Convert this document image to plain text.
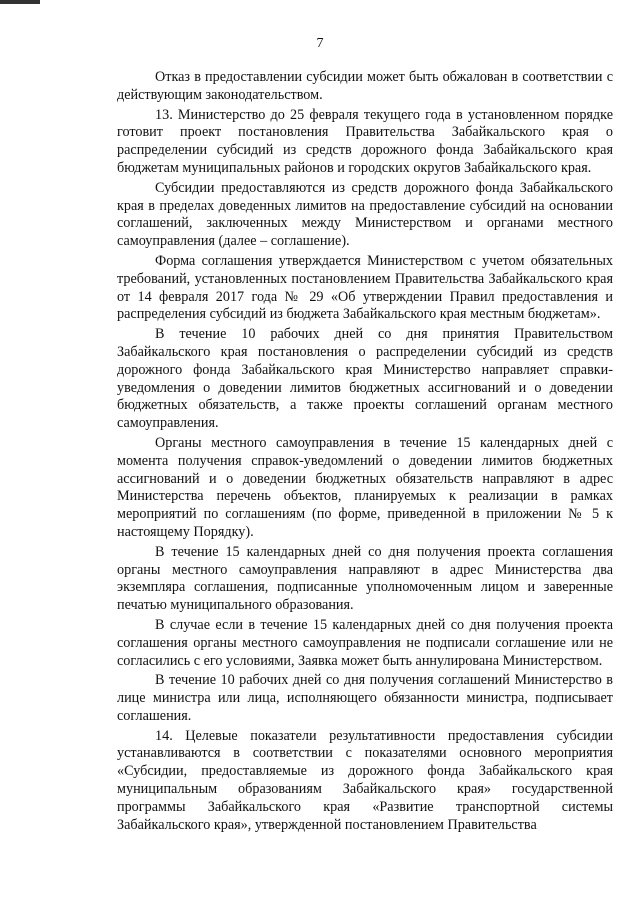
7

Отказ в предоставлении субсидии может быть обжалован в соответствии с действующим законодательством.

13. Министерство до 25 февраля текущего года в установленном порядке готовит проект постановления Правительства Забайкальского края о распределении субсидий из средств дорожного фонда Забайкальского края бюджетам муниципальных районов и городских округов Забайкальского края.

Субсидии предоставляются из средств дорожного фонда Забайкальского края в пределах доведенных лимитов на предоставление субсидий на основании соглашений, заключенных между Министерством и органами местного самоуправления (далее – соглашение).

Форма соглашения утверждается Министерством с учетом обязательных требований, установленных постановлением Правительства Забайкальского края от 14 февраля 2017 года № 29 «Об утверждении Правил предоставления и распределения субсидий из бюджета Забайкальского края местным бюджетам».

В течение 10 рабочих дней со дня принятия Правительством Забайкальского края постановления о распределении субсидий из средств дорожного фонда Забайкальского края Министерство направляет справки-уведомления о доведении лимитов бюджетных ассигнований и о доведении бюджетных обязательств, а также проекты соглашений органам местного самоуправления.

Органы местного самоуправления в течение 15 календарных дней с момента получения справок-уведомлений о доведении лимитов бюджетных ассигнований и о доведении бюджетных обязательств направляют в адрес Министерства перечень объектов, планируемых к реализации в рамках мероприятий по соглашениям (по форме, приведенной в приложении № 5 к настоящему Порядку).

В течение 15 календарных дней со дня получения проекта соглашения органы местного самоуправления направляют в адрес Министерства два экземпляра соглашения, подписанные уполномоченным лицом и заверенные печатью муниципального образования.

В случае если в течение 15 календарных дней со дня получения проекта соглашения органы местного самоуправления не подписали соглашение или не согласились с его условиями, Заявка может быть аннулирована Министерством.

В течение 10 рабочих дней со дня получения соглашений Министерство в лице министра или лица, исполняющего обязанности министра, подписывает соглашения.

14. Целевые показатели результативности предоставления субсидии устанавливаются в соответствии с показателями основного мероприятия «Субсидии, предоставляемые из дорожного фонда Забайкальского края муниципальным образованиям Забайкальского края» государственной программы Забайкальского края «Развитие транспортной системы Забайкальского края», утвержденной постановлением Правительства
